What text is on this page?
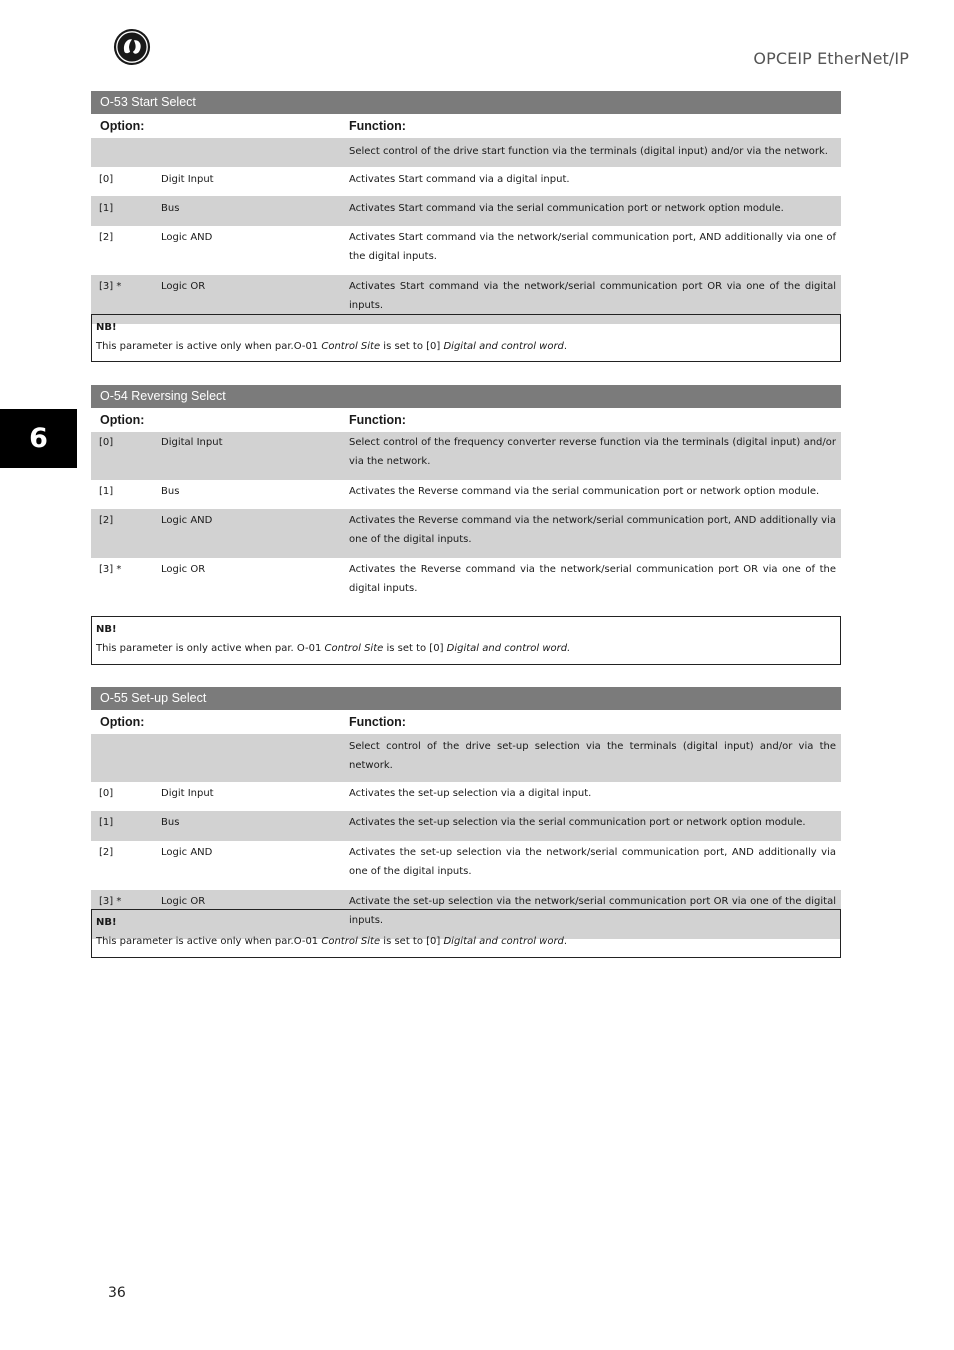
OPCEIP EtherNet/IP
6
O-53 Start Select
Option:	Function:
Select control of the drive start function via the terminals (digital input) and/or via the network.
[0]	Digit Input	Activates Start command via a digital input.
[1]	Bus	Activates Start command via the serial communication port or network option module.
[2]	Logic AND	Activates Start command via the network/serial communication port, AND additionally via one of the digital inputs.
[3] *	Logic OR	Activates Start command via the network/serial communication port OR via one of the digital inputs.
NB!
This parameter is active only when par.O-01 Control Site is set to [0] Digital and control word.
O-54 Reversing Select
Option:	Function:
[0]	Digital Input	Select control of the frequency converter reverse function via the terminals (digital input) and/or via the network.
[1]	Bus	Activates the Reverse command via the serial communication port or network option module.
[2]	Logic AND	Activates the Reverse command via the network/serial communication port, AND additionally via one of the digital inputs.
[3] *	Logic OR	Activates the Reverse command via the network/serial communication port OR via one of the digital inputs.
NB!
This parameter is only active when par. O-01 Control Site is set to [0] Digital and control word.
O-55 Set-up Select
Option:	Function:
Select control of the drive set-up selection via the terminals (digital input) and/or via the network.
[0]	Digit Input	Activates the set-up selection via a digital input.
[1]	Bus	Activates the set-up selection via the serial communication port or network option module.
[2]	Logic AND	Activates the set-up selection via the network/serial communication port, AND additionally via one of the digital inputs.
[3] *	Logic OR	Activate the set-up selection via the network/serial communication port OR via one of the digital inputs.
NB!
This parameter is active only when par.O-01 Control Site is set to [0] Digital and control word.
36
